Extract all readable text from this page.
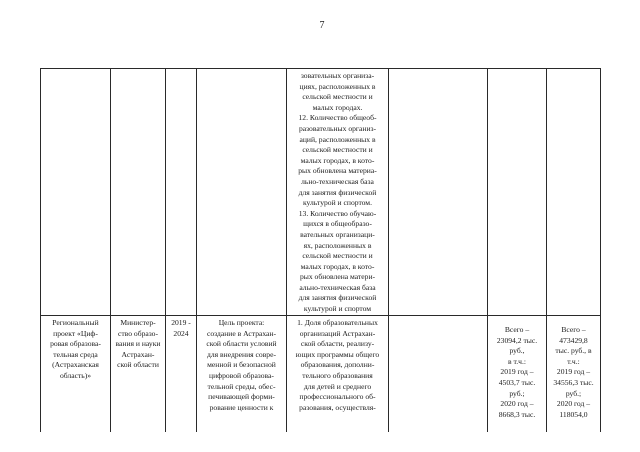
7
зовательных организа-
циях, расположенных в
сельской местности и
малых городах.
12. Количество общеоб-
разовательных организ-
аций, расположенных в
сельской местности и
малых городах, в кото-
рых обновлена материа-
льно-техническая база
для занятия физической
культурой и спортом.
13. Количество обучаю-
щихся в общеобразо-
вательных организаци-
ях, расположенных в
сельской местности и
малых городах, в кото-
рых обновлена матери-
ально-техническая база
для занятия физической
культурой и спортом
Региональный
проект «Циф-
ровая образова-
тельная среда
(Астраханская
область)»
Министер-
ство образо-
вания и науки
Астрахан-
ской области
2019 -
2024
Цель проекта:
создание в Астрахан-
ской области условий
для внедрения совре-
менной и безопасной
цифровой образова-
тельной среды, обес-
печивающей форми-
рование ценности к
1. Доля образовательных
организаций Астрахан-
ской области, реализу-
ющих программы общего
образования, дополни-
тельного образования
для детей и среднего
профессионального об-
разования, осуществля-
Всего –
23094,2 тыс.
руб.,
в т.ч.:
2019 год –
4503,7 тыс.
руб.;
2020 год –
8668,3 тыс.
Всего –
473429,8
тыс. руб., в
т.ч.:
2019 год –
34556,3 тыс.
руб.;
2020 год –
118054,0
